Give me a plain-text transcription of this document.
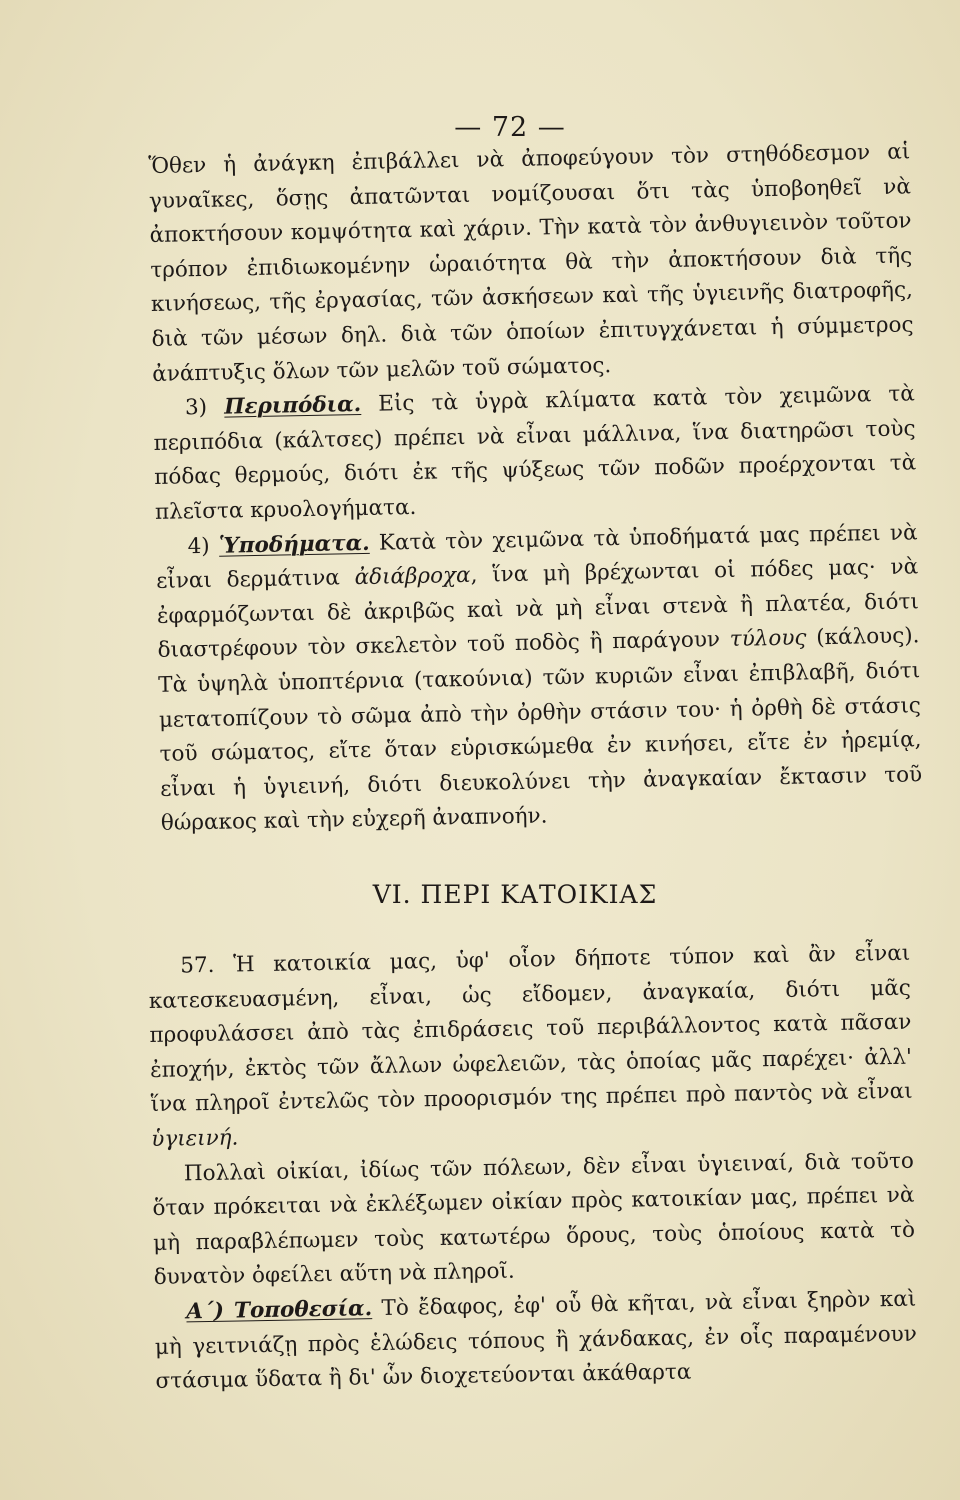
— 72 —

Ὅθεν ἡ ἀνάγκη ἐπιβάλλει νὰ ἀποφεύγουν τὸν στηθόδεσμον αἱ γυναῖκες, ὅσῃς ἀπατῶνται νομίζουσαι ὅτι τὰς ὑποβοηθεῖ νὰ ἀποκτήσουν κομψότητα καὶ χάριν. Τὴν κατὰ τὸν ἀνθυγιεινὸν τοῦτον τρόπον ἐπιδιωκομένην ὡραιότητα θὰ τὴν ἀποκτήσουν διὰ τῆς κινήσεως, τῆς ἐργασίας, τῶν ἀσκήσεων καὶ τῆς ὑγιεινῆς διατροφῆς, διὰ τῶν μέσων δηλ. διὰ τῶν ὁποίων ἐπιτυγχάνεται ἡ σύμμετρος ἀνάπτυξις ὅλων τῶν μελῶν τοῦ σώματος.

3) Περιπόδια. Εἰς τὰ ὑγρὰ κλίματα κατὰ τὸν χειμῶνα τὰ περιπόδια (κάλτσες) πρέπει νὰ εἶναι μάλλινα, ἵνα διατηρῶσι τοὺς πόδας θερμούς, διότι ἐκ τῆς ψύξεως τῶν ποδῶν προέρχονται τὰ πλεῖστα κρυολογήματα.

4) Ὑποδήματα. Κατὰ τὸν χειμῶνα τὰ ὑποδήματά μας πρέπει νὰ εἶναι δερμάτινα ἀδιάβροχα, ἵνα μὴ βρέχωνται οἱ πόδες μας· νὰ ἐφαρμόζωνται δὲ ἀκριβῶς καὶ νὰ μὴ εἶναι στενὰ ἢ πλατέα, διότι διαστρέφουν τὸν σκελετὸν τοῦ ποδὸς ἢ παράγουν τύλους (κάλους). Τὰ ὑψηλὰ ὑποπτέρνια (τακούνια) τῶν κυριῶν εἶναι ἐπιβλαβῆ, διότι μετατοπίζουν τὸ σῶμα ἀπὸ τὴν ὀρθὴν στάσιν του· ἡ ὀρθὴ δὲ στάσις τοῦ σώματος, εἴτε ὅταν εὑρισκώμεθα ἐν κινήσει, εἴτε ἐν ἠρεμίᾳ, εἶναι ἡ ὑγιεινή, διότι διευκολύνει τὴν ἀναγκαίαν ἔκτασιν τοῦ θώρακος καὶ τὴν εὐχερῆ ἀναπνοήν.

VI. ΠΕΡΙ ΚΑΤΟΙΚΙΑΣ

57. Ἡ κατοικία μας, ὑφ' οἷον δήποτε τύπον καὶ ἂν εἶναι κατεσκευασμένη, εἶναι, ὡς εἴδομεν, ἀναγκαία, διότι μᾶς προφυλάσσει ἀπὸ τὰς ἐπιδράσεις τοῦ περιβάλλοντος κατὰ πᾶσαν ἐποχήν, ἐκτὸς τῶν ἄλλων ὠφελειῶν, τὰς ὁποίας μᾶς παρέχει· ἀλλ' ἵνα πληροῖ ἐντελῶς τὸν προορισμόν της πρέπει πρὸ παντὸς νὰ εἶναι ὑγιεινή.

Πολλαὶ οἰκίαι, ἰδίως τῶν πόλεων, δὲν εἶναι ὑγιειναί, διὰ τοῦτο ὅταν πρόκειται νὰ ἐκλέξωμεν οἰκίαν πρὸς κατοικίαν μας, πρέπει νὰ μὴ παραβλέπωμεν τοὺς κατωτέρω ὅρους, τοὺς ὁποίους κατὰ τὸ δυνατὸν ὀφείλει αὕτη νὰ πληροῖ.

Α΄) Τοποθεσία. Τὸ ἔδαφος, ἐφ' οὗ θὰ κῆται, νὰ εἶναι ξηρὸν καὶ μὴ γειτνιάζῃ πρὸς ἑλώδεις τόπους ἢ χάνδακας, ἐν οἷς παραμένουν στάσιμα ὕδατα ἢ δι' ὧν διοχετεύονται ἀκάθαρτα
